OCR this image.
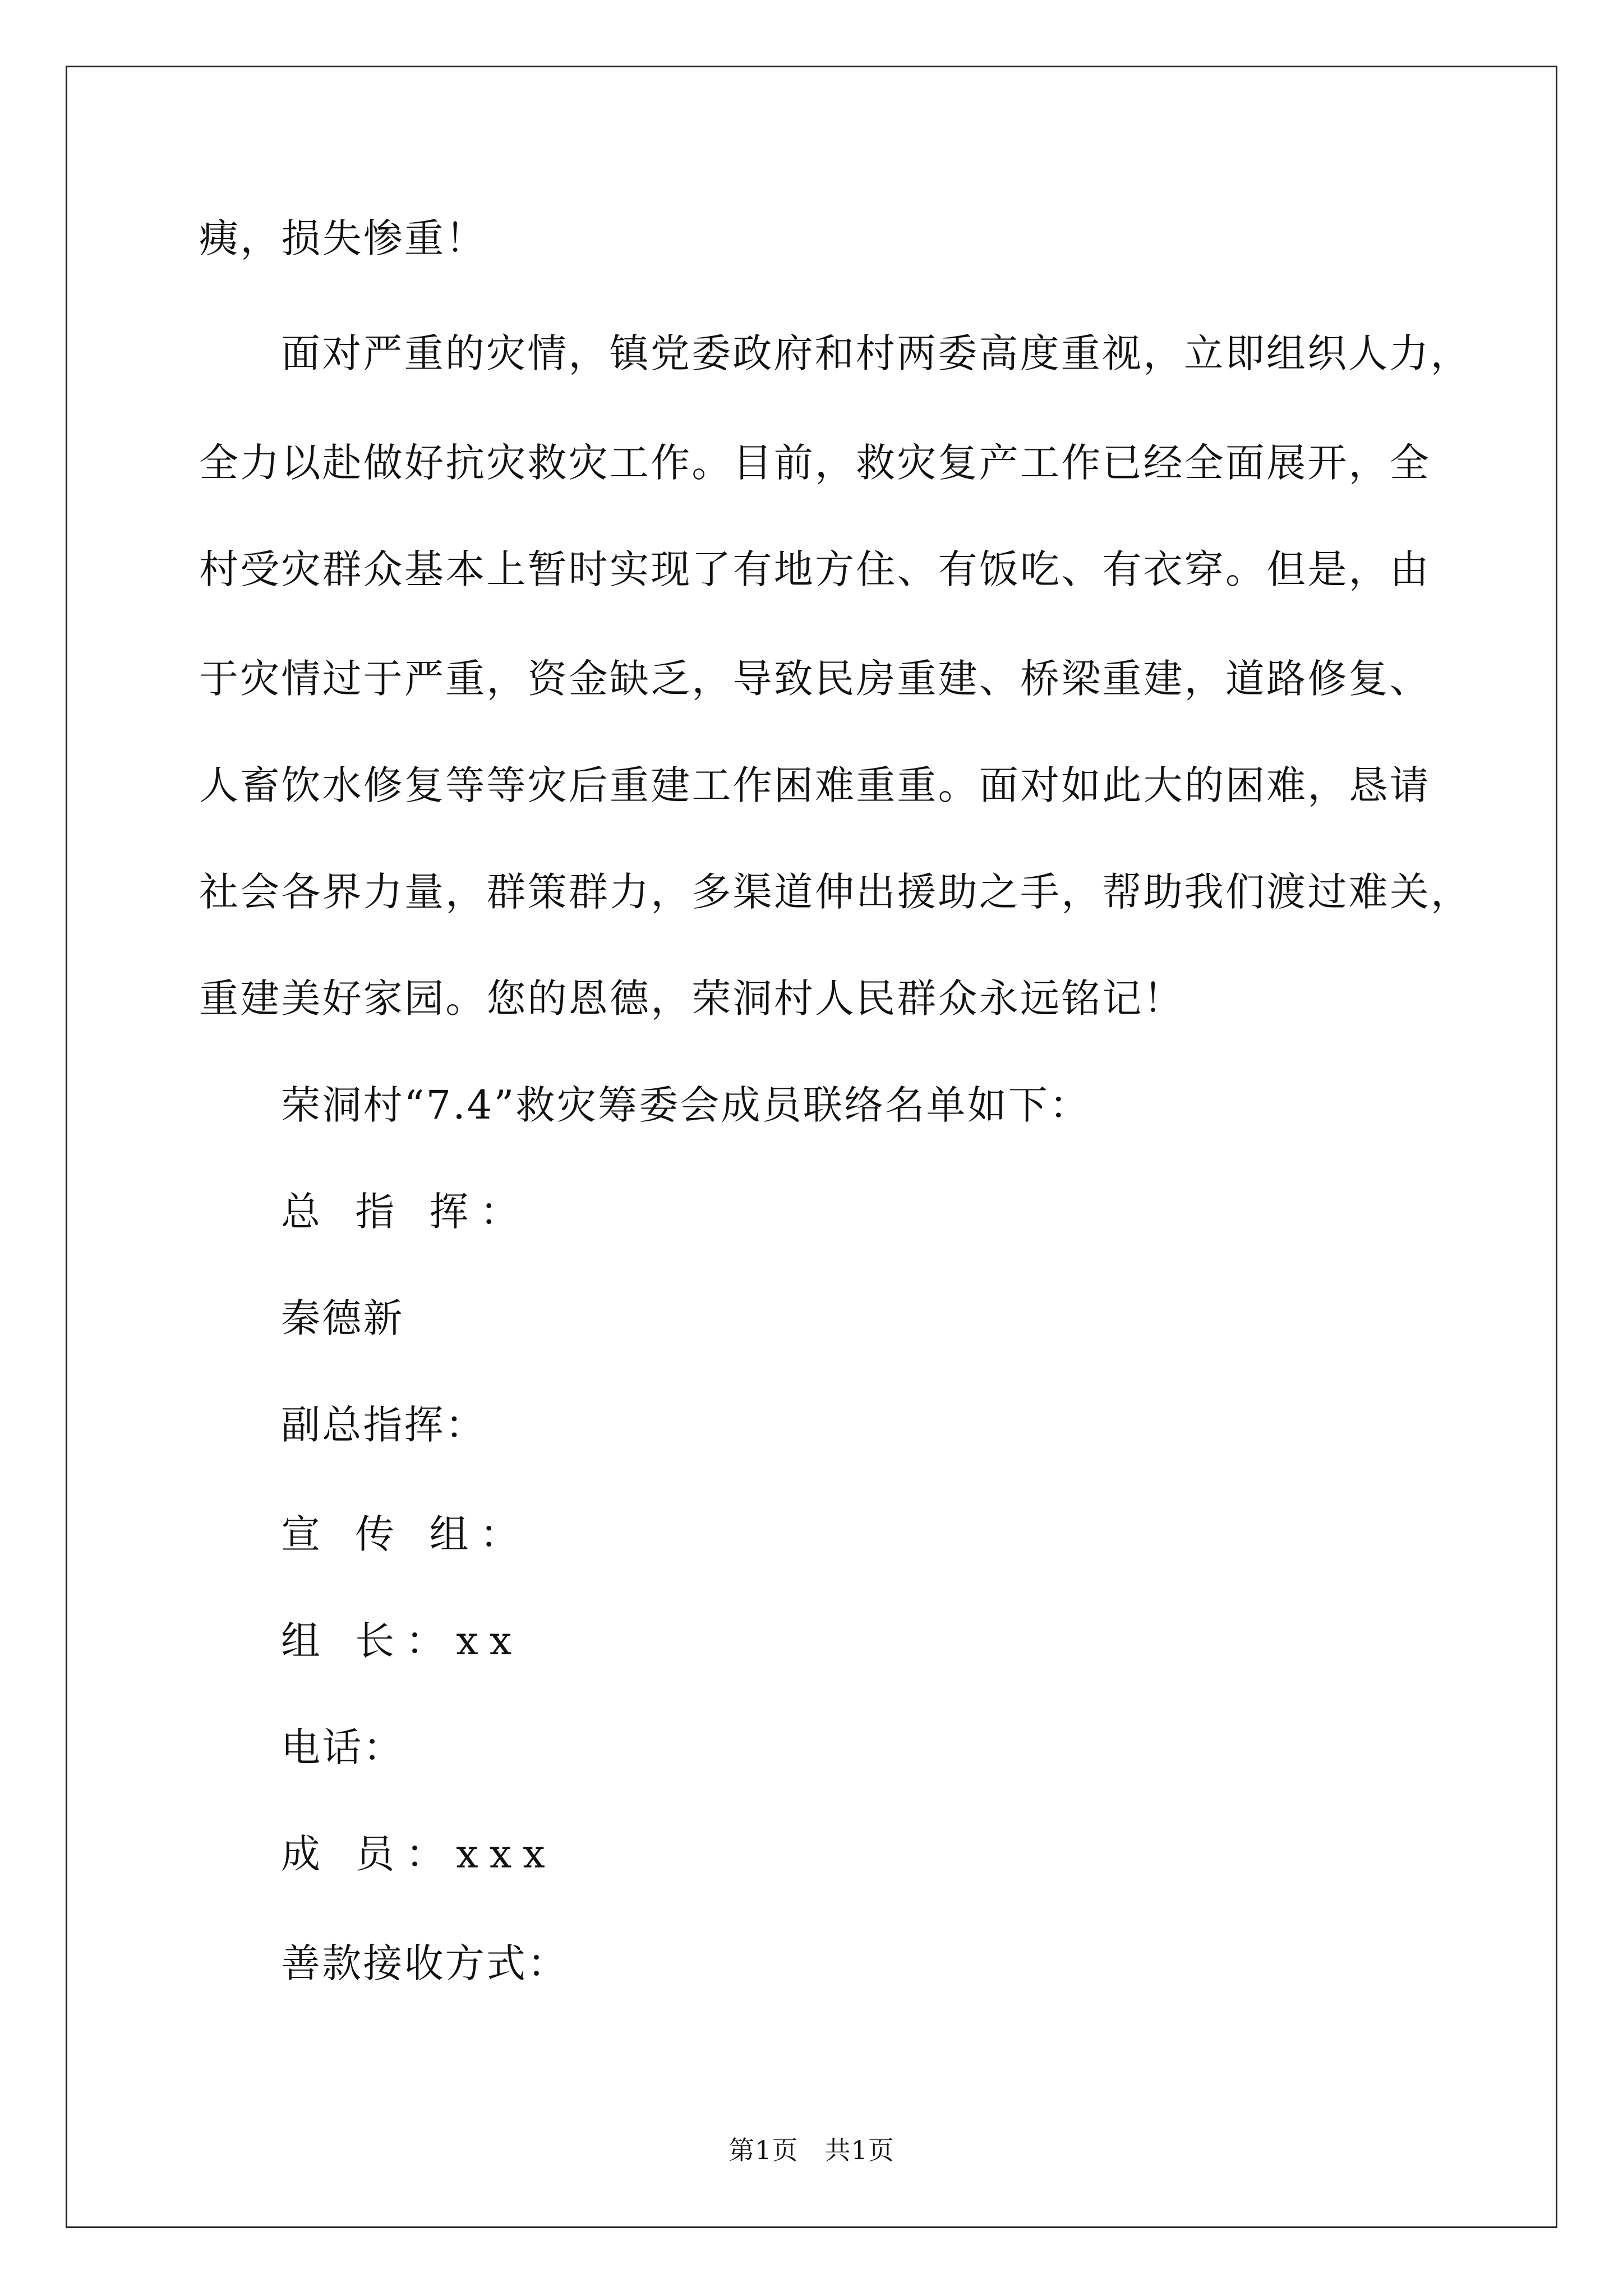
痍，损失惨重！
面对严重的灾情，镇党委政府和村两委高度重视，立即组织人力，
全力以赴做好抗灾救灾工作。目前，救灾复产工作已经全面展开，全
村受灾群众基本上暂时实现了有地方住、有饭吃、有衣穿。但是，由
于灾情过于严重，资金缺乏，导致民房重建、桥梁重建，道路修复、
人畜饮水修复等等灾后重建工作困难重重。面对如此大的困难，恳请
社会各界力量，群策群力，多渠道伸出援助之手，帮助我们渡过难关，
重建美好家园。您的恩德，荣洞村人民群众永远铭记！
荣洞村“7.4”救灾筹委会成员联络名单如下：
总 指 挥：
秦德新
副总指挥：
宣 传 组：
组 长：xx
电话：
成 员：xxx
善款接收方式：
第1页　共1页
